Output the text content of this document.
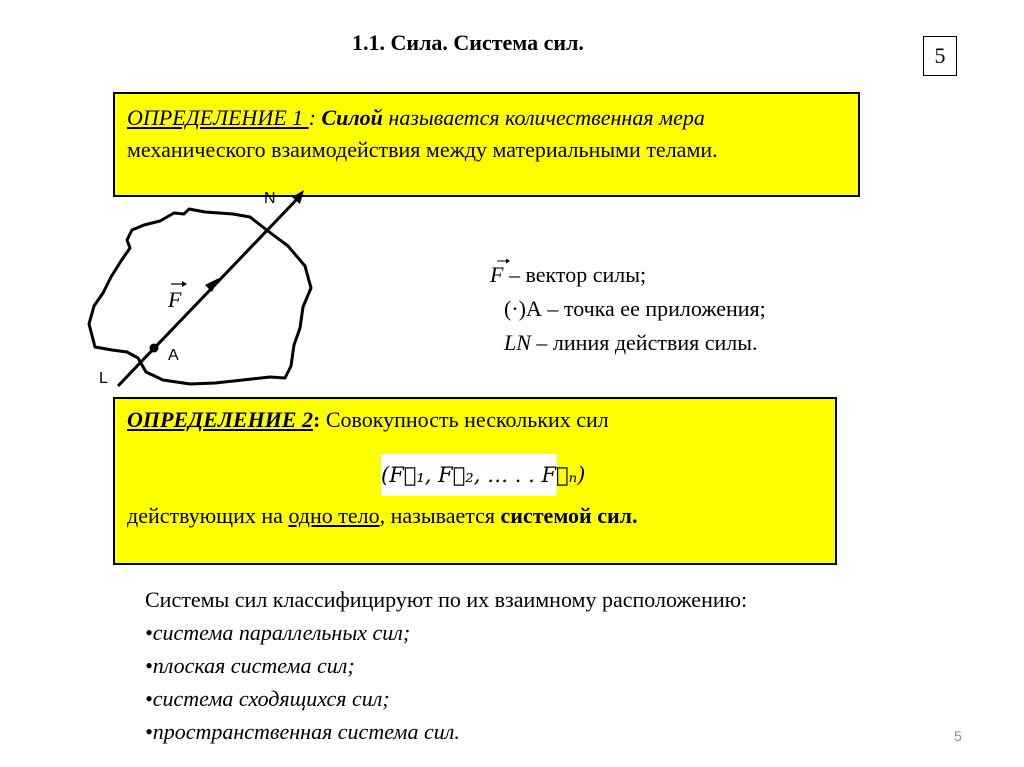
1.1. Сила. Система сил.
5
ОПРЕДЕЛЕНИЕ 1 : Силой называется количественная мера
механического взаимодействия между материальными телами.
N
L
A
F
F – вектор силы;
(·)А – точка ее приложения;
LN – линия действия силы.
ОПРЕДЕЛЕНИЕ 2: Совокупность нескольких сил
(F⃗₁, F⃗₂, … . . F⃗ₙ)
действующих на одно тело, называется системой сил.
Системы сил классифицируют по их взаимному расположению:
•система параллельных сил;
•плоская система сил;
•система сходящихся сил;
•пространственная система сил.	5
